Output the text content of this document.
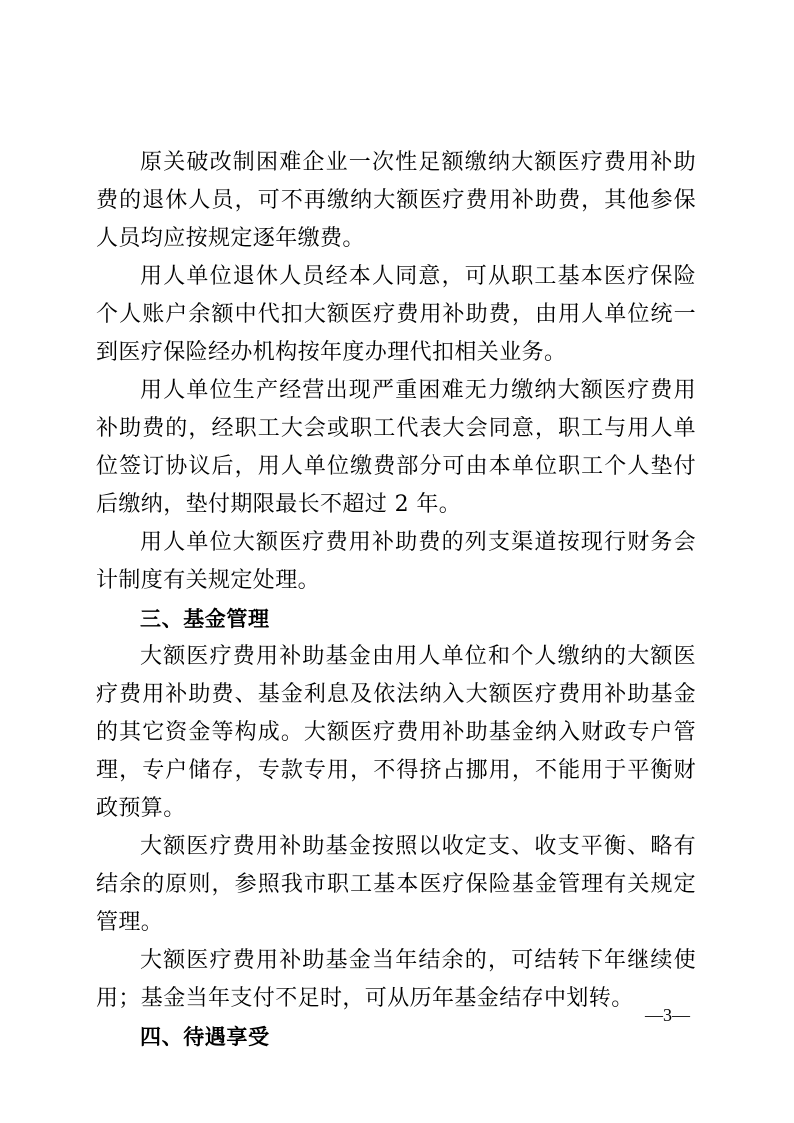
原关破改制困难企业一次性足额缴纳大额医疗费用补助费的退休人员，可不再缴纳大额医疗费用补助费，其他参保人员均应按规定逐年缴费。

用人单位退休人员经本人同意，可从职工基本医疗保险个人账户余额中代扣大额医疗费用补助费，由用人单位统一到医疗保险经办机构按年度办理代扣相关业务。

用人单位生产经营出现严重困难无力缴纳大额医疗费用补助费的，经职工大会或职工代表大会同意，职工与用人单位签订协议后，用人单位缴费部分可由本单位职工个人垫付后缴纳，垫付期限最长不超过 2 年。

用人单位大额医疗费用补助费的列支渠道按现行财务会计制度有关规定处理。

三、基金管理

大额医疗费用补助基金由用人单位和个人缴纳的大额医疗费用补助费、基金利息及依法纳入大额医疗费用补助基金的其它资金等构成。大额医疗费用补助基金纳入财政专户管理，专户储存，专款专用，不得挤占挪用，不能用于平衡财政预算。

大额医疗费用补助基金按照以收定支、收支平衡、略有结余的原则，参照我市职工基本医疗保险基金管理有关规定管理。

大额医疗费用补助基金当年结余的，可结转下年继续使用；基金当年支付不足时，可从历年基金结存中划转。

四、待遇享受
—3—
